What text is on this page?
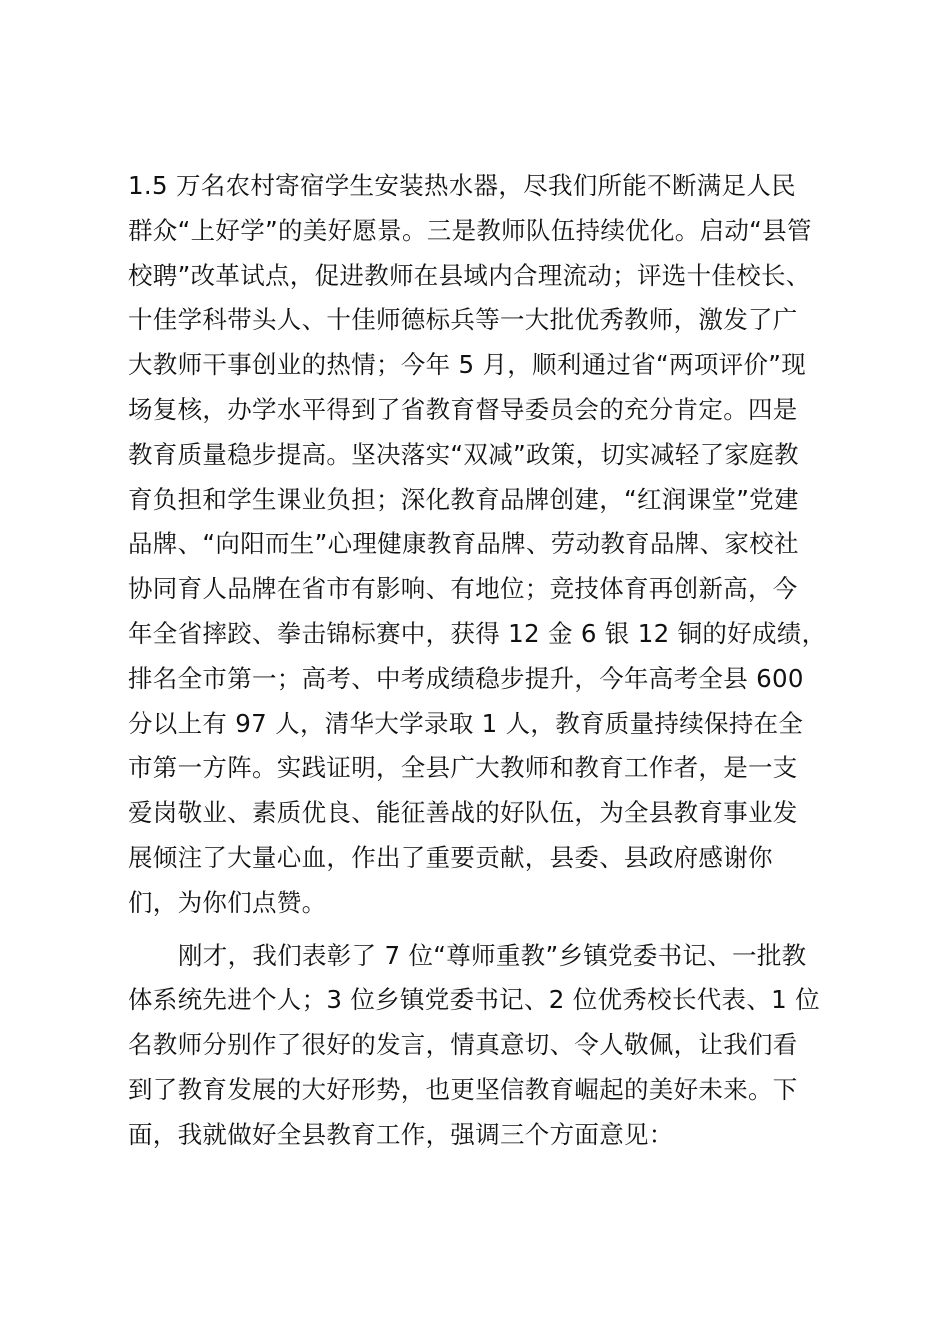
1.5 万名农村寄宿学生安装热水器，尽我们所能不断满足人民
群众“上好学”的美好愿景。三是教师队伍持续优化。启动“县管
校聘”改革试点，促进教师在县域内合理流动；评选十佳校长、
十佳学科带头人、十佳师德标兵等一大批优秀教师，激发了广
大教师干事创业的热情；今年 5 月，顺利通过省“两项评价”现
场复核，办学水平得到了省教育督导委员会的充分肯定。四是
教育质量稳步提高。坚决落实“双减”政策，切实减轻了家庭教
育负担和学生课业负担；深化教育品牌创建，“红润课堂”党建
品牌、“向阳而生”心理健康教育品牌、劳动教育品牌、家校社
协同育人品牌在省市有影响、有地位；竞技体育再创新高，今
年全省摔跤、拳击锦标赛中，获得 12 金 6 银 12 铜的好成绩，
排名全市第一；高考、中考成绩稳步提升，今年高考全县 600
分以上有 97 人，清华大学录取 1 人，教育质量持续保持在全
市第一方阵。实践证明，全县广大教师和教育工作者，是一支
爱岗敬业、素质优良、能征善战的好队伍，为全县教育事业发
展倾注了大量心血，作出了重要贡献，县委、县政府感谢你
们，为你们点赞。
刚才，我们表彰了 7 位“尊师重教”乡镇党委书记、一批教
体系统先进个人；3 位乡镇党委书记、2 位优秀校长代表、1 位
名教师分别作了很好的发言，情真意切、令人敬佩，让我们看
到了教育发展的大好形势，也更坚信教育崛起的美好未来。下
面，我就做好全县教育工作，强调三个方面意见：
